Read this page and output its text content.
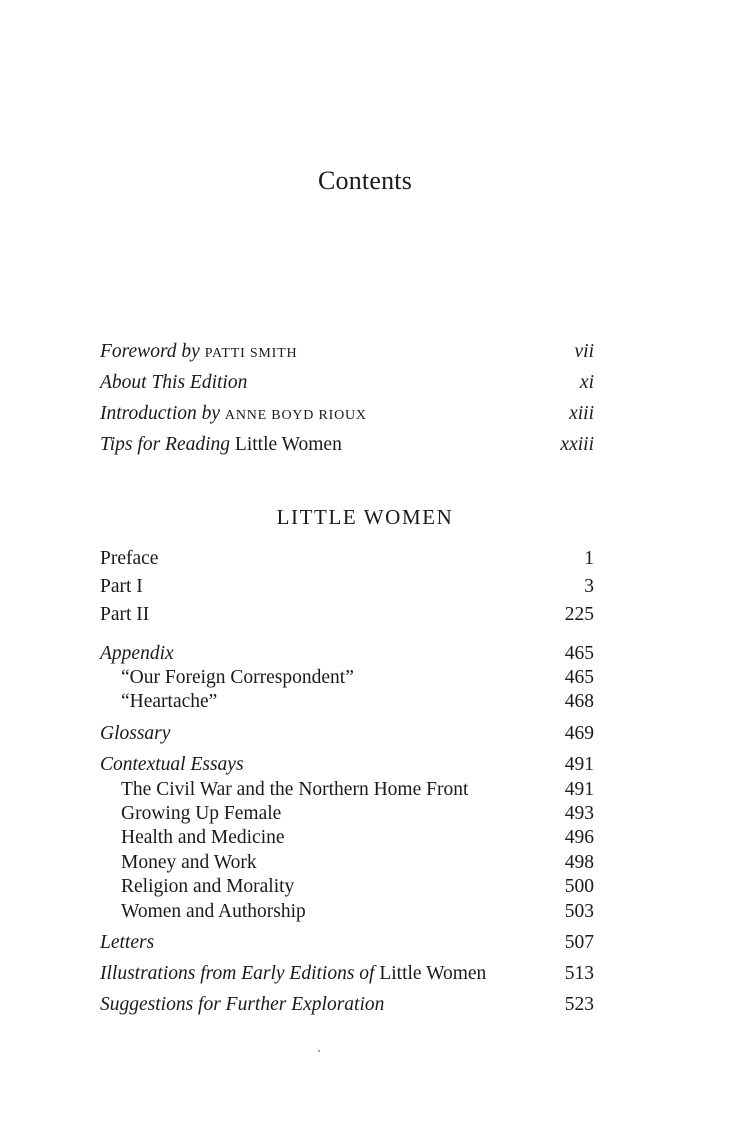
Contents
Foreword by PATTI SMITH	vii
About This Edition	xi
Introduction by ANNE BOYD RIOUX	xiii
Tips for Reading Little Women	xxiii
LITTLE WOMEN
Preface	1
Part I	3
Part II	225
Appendix	465
“Our Foreign Correspondent”	465
“Heartache”	468
Glossary	469
Contextual Essays	491
The Civil War and the Northern Home Front	491
Growing Up Female	493
Health and Medicine	496
Money and Work	498
Religion and Morality	500
Women and Authorship	503
Letters	507
Illustrations from Early Editions of Little Women	513
Suggestions for Further Exploration	523
